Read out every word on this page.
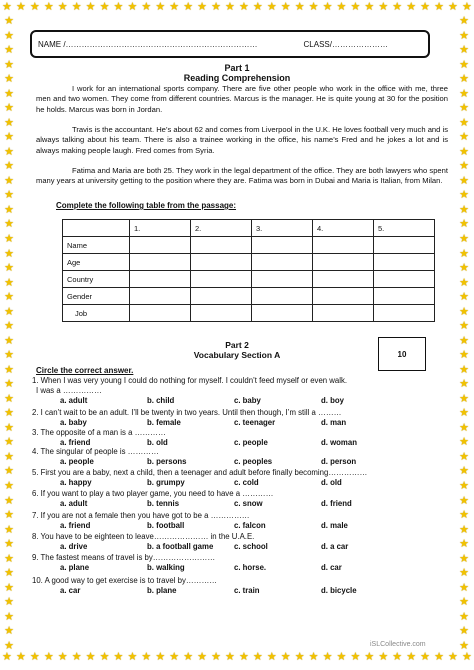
★ ★ ★ ★ ★ ★ ★ ★ ★ ★ ★ ★ ★ ★ ★ ★ ★ ★ ★ ★ ★ ★ ★ ★ ★ ★ ★ ★ ★ ★ ★ ★ ★ ★
★ ★ ★ ★ ★ ★ ★ ★ ★ ★ ★ ★ ★ ★ ★ ★ ★ ★ ★ ★ ★ ★ ★ ★ ★ ★ ★ ★ ★ ★ ★ ★ ★ ★
★
★
★
★
★
★
★
★
★
★
★
★
★
★
★
★
★
★
★
★
★
★
★
★
★
★
★
★
★
★
★
★
★
★
★
★
★
★
★
★
★
★
★
★
★
★
★
★
★
★
★
★
★
★
★
★
★
★
★
★
★
★
★
★
★
★
★
★
★
★
★
★
★
★
★
★
★
★
★
★
★
★
★
★
★
★
★
★
NAME /………………………………………………………………	CLASS/…………………
Part 1
Reading Comprehension
I work for an international sports company. There are five other people who work in the office with me, three men and two women. They come from different countries. Marcus is the manager. He is quite young at 30 for the position he holds. Marcus was born in Jordan.
Travis is the accountant. He’s about 62 and comes from Liverpool in the U.K. He loves football very much and is always talking about his team. There is also a trainee working in the office, his name’s Fred and he jokes a lot and is always making people laugh. Fred comes from Syria.
Fatima and Maria are both 25. They work in the legal department of the office. They are both lawyers who spent many years at university getting to the position where they are. Fatima was born in Dubai and Maria is Italian, from Milan.
Complete the following table from the passage:
	1.	2.	3.	4.	5.
Name					
Age					
Country					
Gender					
Job					
Part 2
Vocabulary Section A	10
Circle the correct answer.
1. When I was very young I could do nothing for myself. I couldn’t feed myself or even walk.
I was a ……………
a. adult	b. child	c. baby	d. boy
2. I can’t wait to be an adult. I’ll be twenty in two years. Until then though, I’m still a ………
a. baby	b. female	c. teenager	d. man
3. The opposite of a man is a …………
a. friend	b. old	c. people	d. woman
4. The singular of people is …………
a. people	b. persons	c. peoples	d. person
5. First you are a baby, next a child, then a teenager and adult before finally becoming……………
a. happy	b. grumpy	c. cold	d. old
6. If you want to play a two player game, you need to have a …………
a. adult	b. tennis	c. snow	d. friend
7. If you are not a female then you have got to be a ……………
a. friend	b. football	c. falcon	d. male
8. You have to be eighteen to leave………………… in the U.A.E.
a. drive	b. a football game	c. school	d. a car
9. The fastest means of travel is by……………………
a. plane	b. walking	c. horse.	d. car
10. A good way to get exercise is to travel by…………
a. car	b. plane	c. train	d. bicycle
iSLCollective.com
